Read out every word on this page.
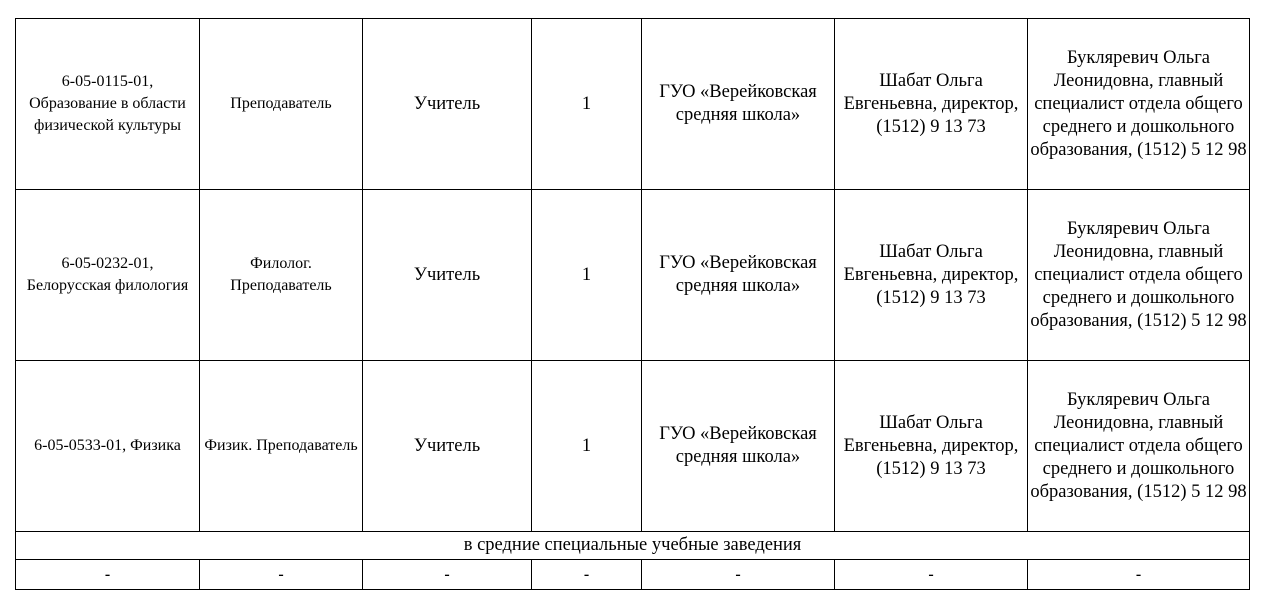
6-05-0115-01, Образование в области физической культуры	Преподаватель	Учитель	1	ГУО «Верейковская средняя школа»	Шабат Ольга Евгеньевна, директор, (1512) 9 13 73	Букляревич Ольга Леонидовна, главный специалист отдела общего среднего и дошкольного образования, (1512) 5 12 98
6-05-0232-01, Белорусская филология	Филолог. Преподаватель	Учитель	1	ГУО «Верейковская средняя школа»	Шабат Ольга Евгеньевна, директор, (1512) 9 13 73	Букляревич Ольга Леонидовна, главный специалист отдела общего среднего и дошкольного образования, (1512) 5 12 98
6-05-0533-01, Физика	Физик. Преподаватель	Учитель	1	ГУО «Верейковская средняя школа»	Шабат Ольга Евгеньевна, директор, (1512) 9 13 73	Букляревич Ольга Леонидовна, главный специалист отдела общего среднего и дошкольного образования, (1512) 5 12 98
в средние специальные учебные заведения						
-	-	-	-	-	-	-
